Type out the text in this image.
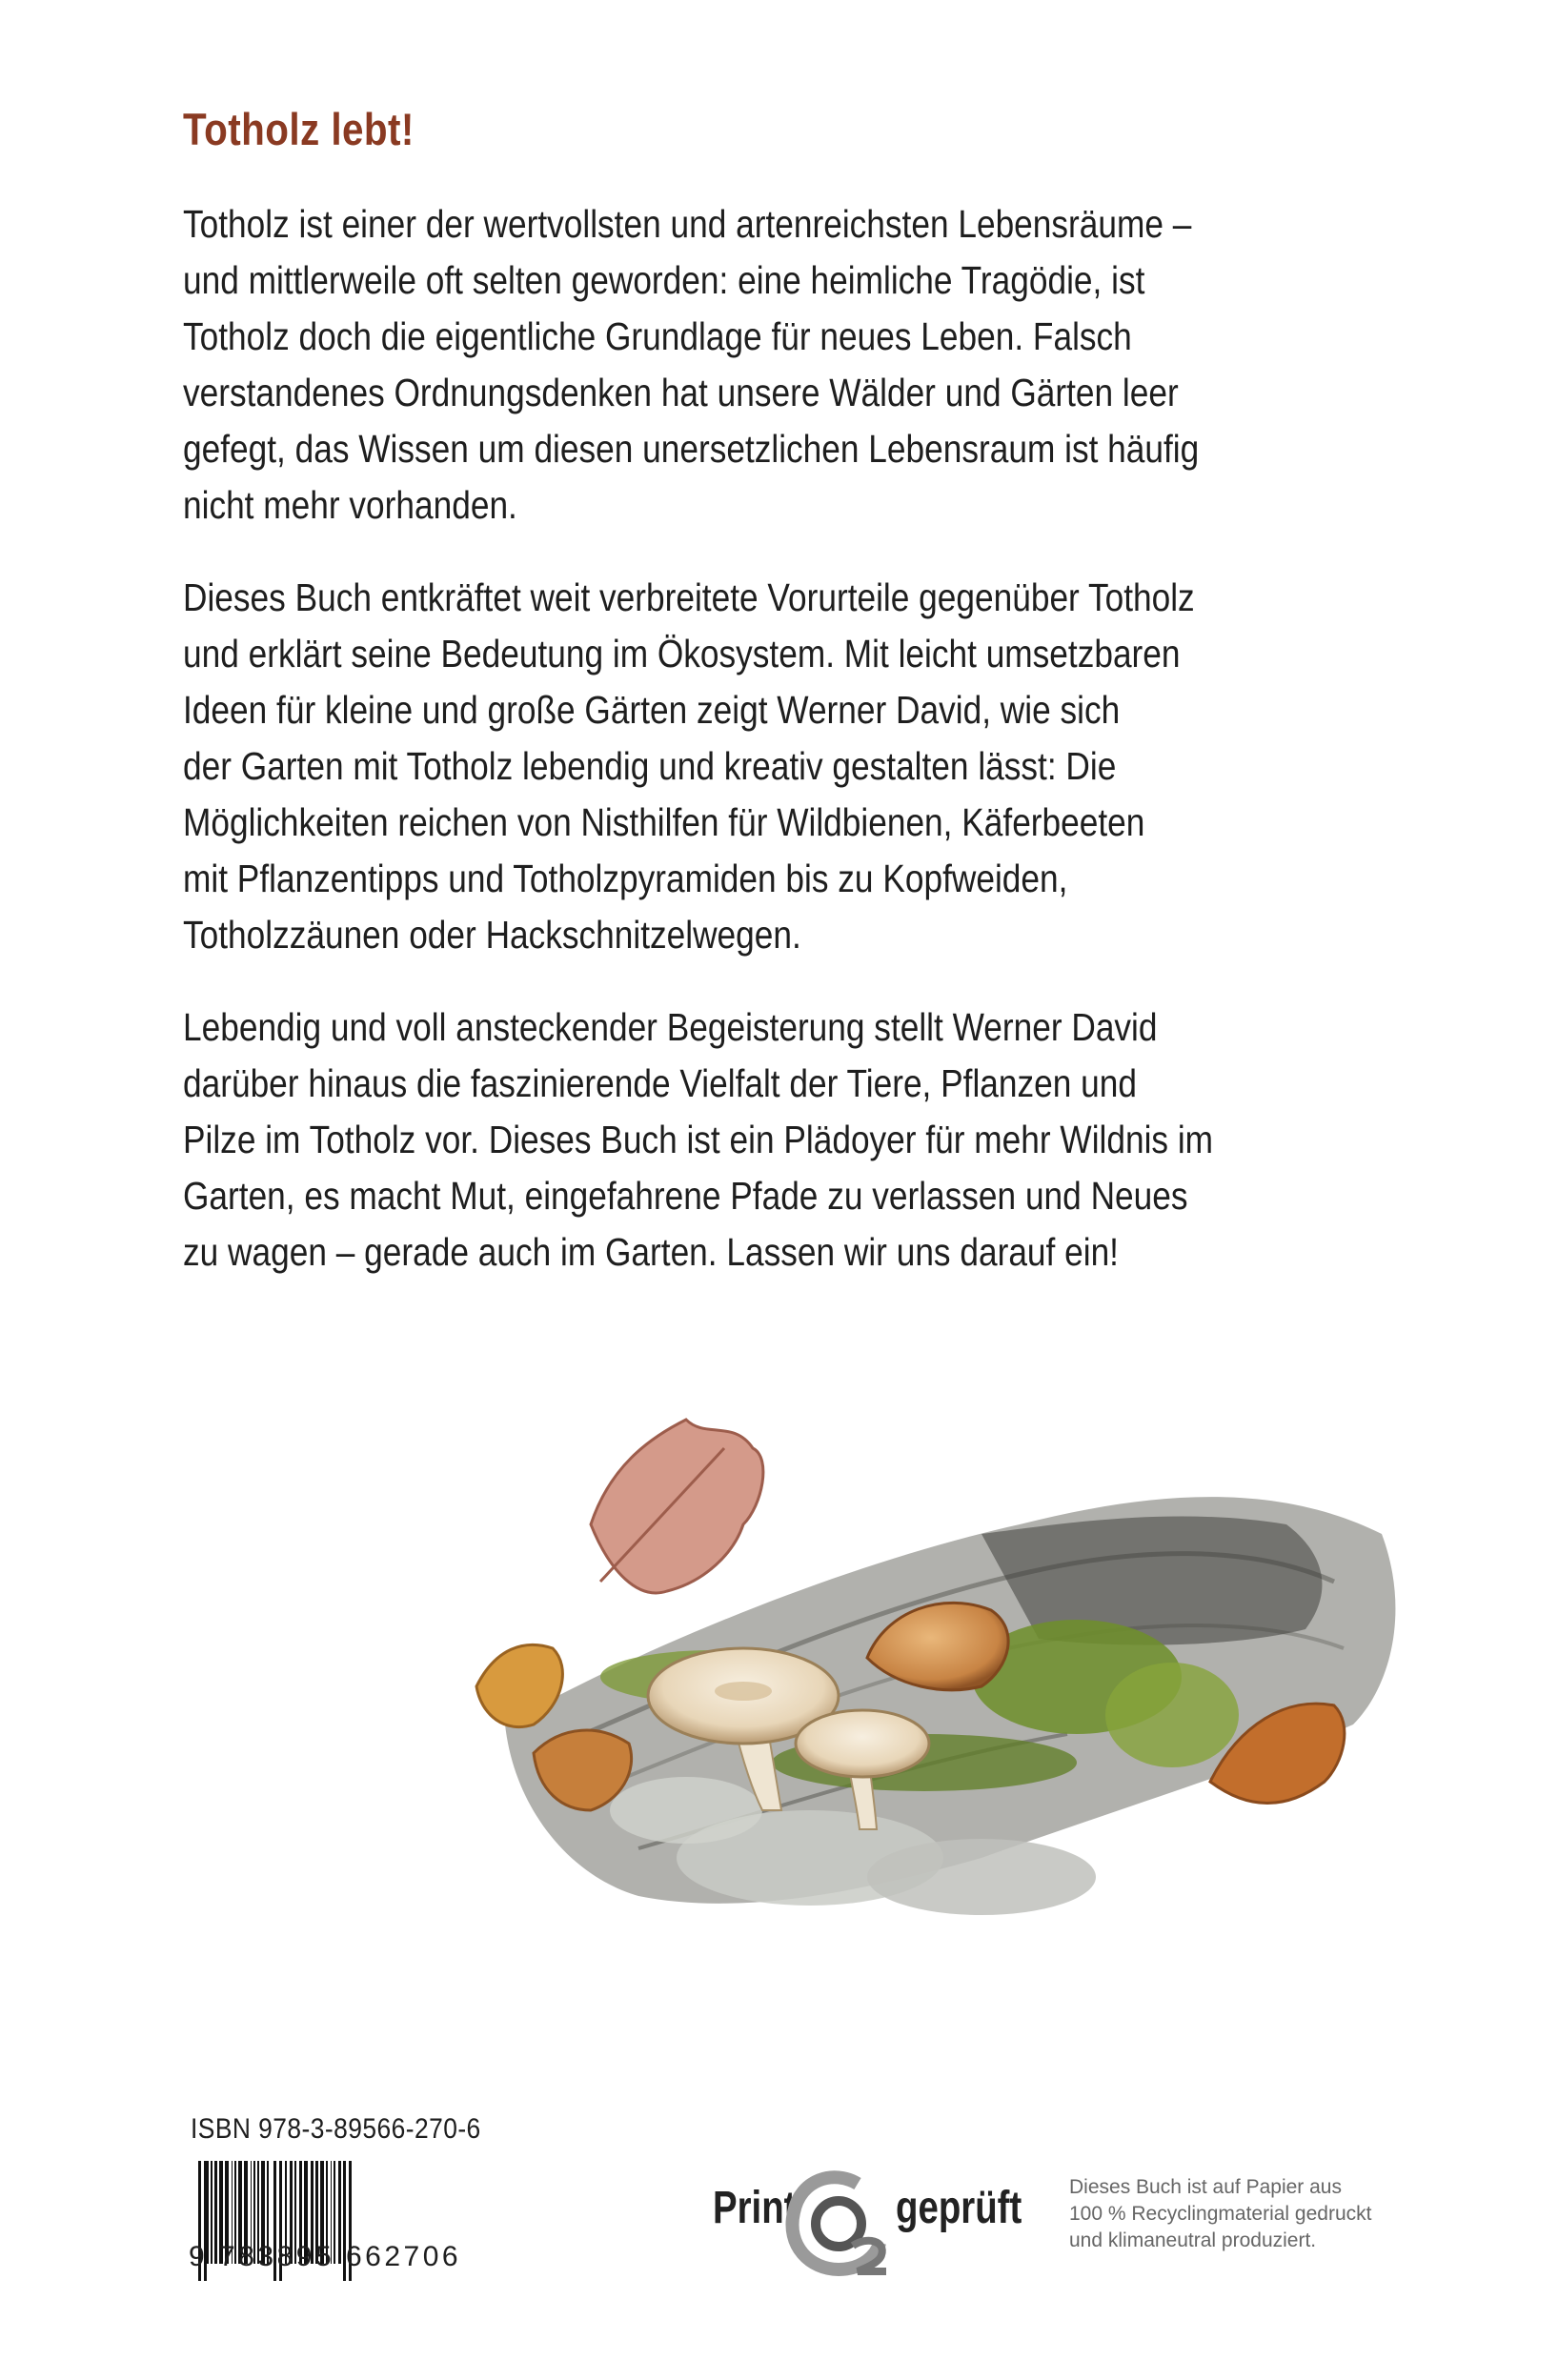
Totholz lebt!

Totholz ist einer der wertvollsten und artenreichsten Lebensräume –
und mittlerweile oft selten geworden: eine heimliche Tragödie, ist
Totholz doch die eigentliche Grundlage für neues Leben. Falsch
verstandenes Ordnungsdenken hat unsere Wälder und Gärten leer
gefegt, das Wissen um diesen unersetzlichen Lebensraum ist häufig
nicht mehr vorhanden.

Dieses Buch entkräftet weit verbreitete Vorurteile gegenüber Totholz
und erklärt seine Bedeutung im Ökosystem. Mit leicht umsetzbaren
Ideen für kleine und große Gärten zeigt Werner David, wie sich
der Garten mit Totholz lebendig und kreativ gestalten lässt: Die
Möglichkeiten reichen von Nisthilfen für Wildbienen, Käferbeeten
mit Pflanzentipps und Totholzpyramiden bis zu Kopfweiden,
Totholzzäunen oder Hackschnitzelwegen.

Lebendig und voll ansteckender Begeisterung stellt Werner David
darüber hinaus die faszinierende Vielfalt der Tiere, Pflanzen und
Pilze im Totholz vor. Dieses Buch ist ein Plädoyer für mehr Wildnis im
Garten, es macht Mut, eingefahrene Pfade zu verlassen und Neues
zu wagen – gerade auch im Garten. Lassen wir uns darauf ein!

ISBN 978-3-89566-270-6
9 783895 662706
Print geprüft Dieses Buch ist auf Papier aus
100 % Recyclingmaterial gedruckt
und klimaneutral produziert.
